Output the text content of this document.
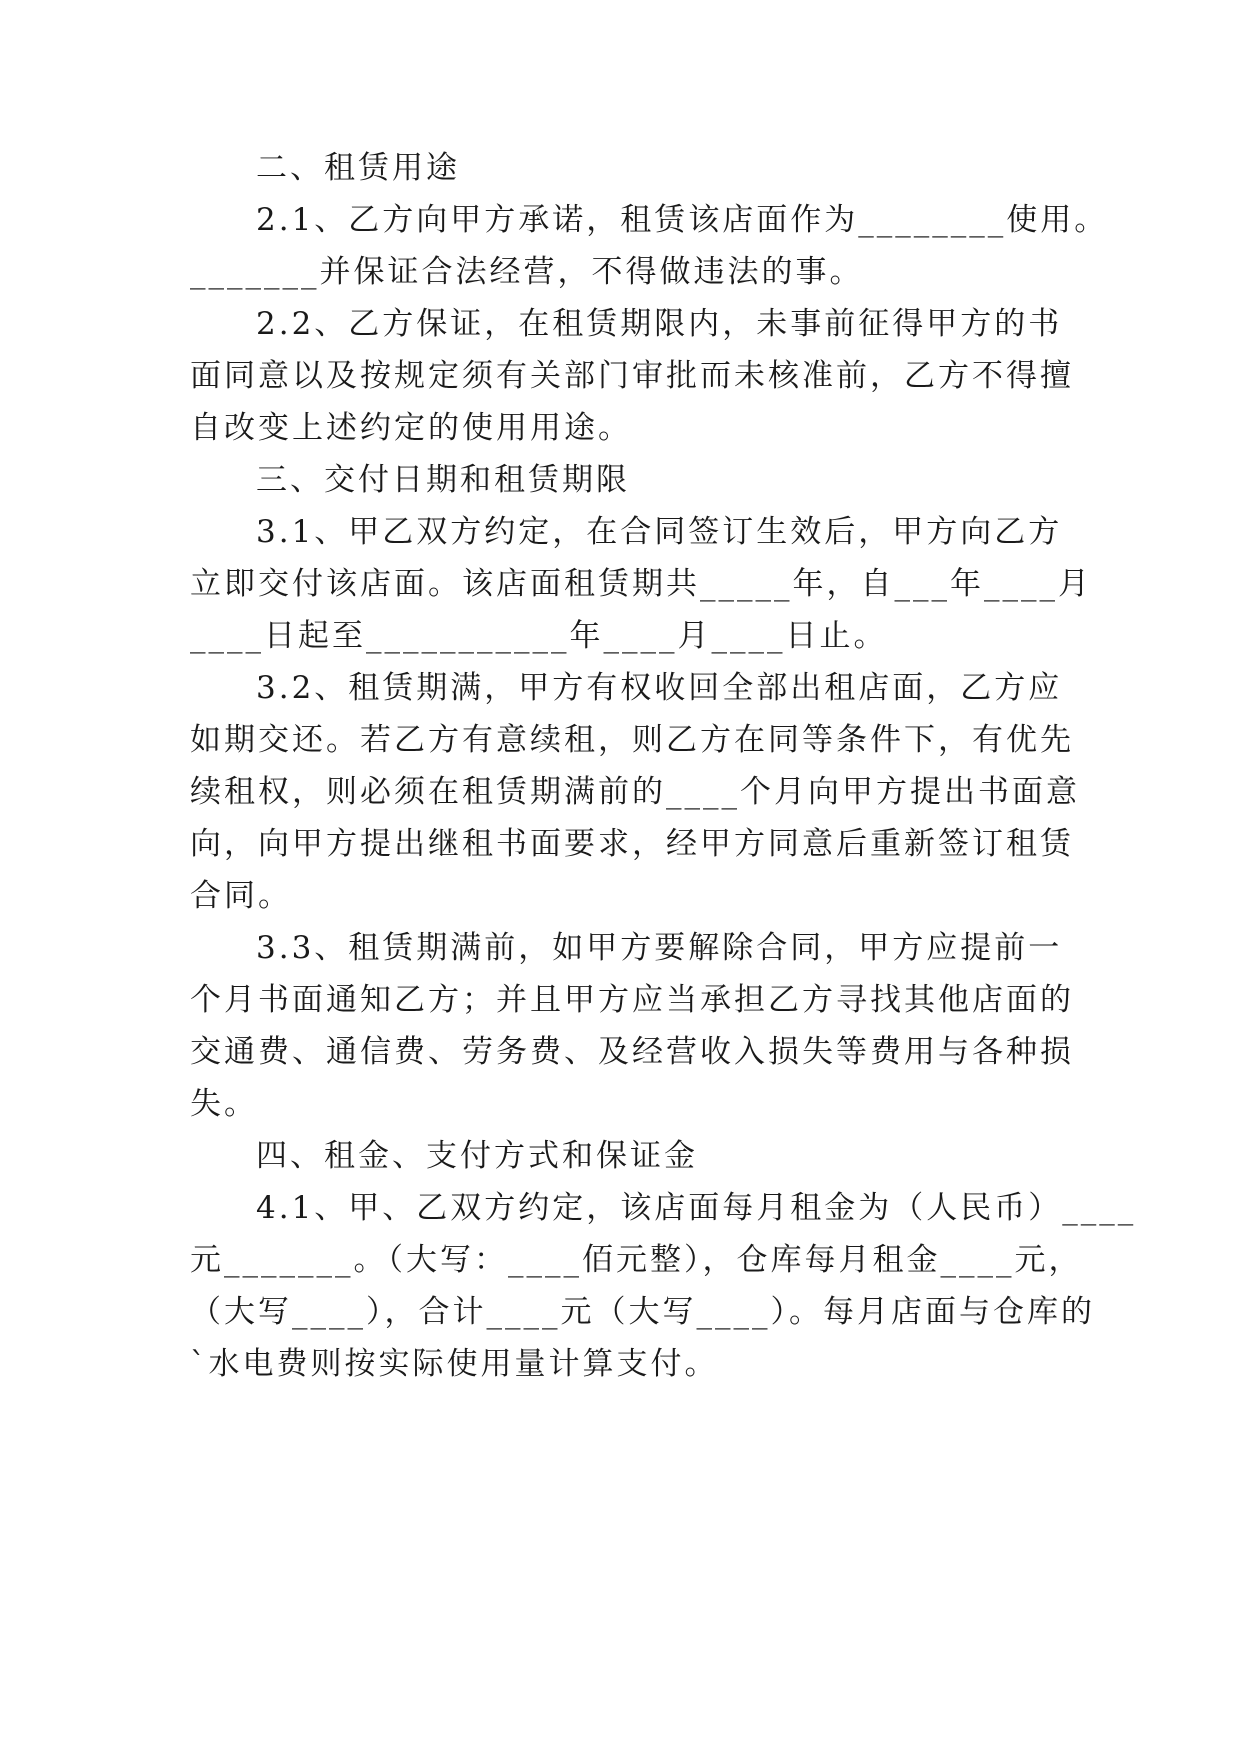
二、租赁用途
2.1、乙方向甲方承诺，租赁该店面作为________使用。
_______并保证合法经营，不得做违法的事。
2.2、乙方保证，在租赁期限内，未事前征得甲方的书
面同意以及按规定须有关部门审批而未核准前，乙方不得擅
自改变上述约定的使用用途。
三、交付日期和租赁期限
3.1、甲乙双方约定，在合同签订生效后，甲方向乙方
立即交付该店面。该店面租赁期共_____年，自___年____月
____日起至___________年____月____日止。
3.2、租赁期满，甲方有权收回全部出租店面，乙方应
如期交还。若乙方有意续租，则乙方在同等条件下，有优先
续租权，则必须在租赁期满前的____个月向甲方提出书面意
向，向甲方提出继租书面要求，经甲方同意后重新签订租赁
合同。
3.3、租赁期满前，如甲方要解除合同，甲方应提前一
个月书面通知乙方；并且甲方应当承担乙方寻找其他店面的
交通费、通信费、劳务费、及经营收入损失等费用与各种损
失。
四、租金、支付方式和保证金
4.1、甲、乙双方约定，该店面每月租金为（人民币）____
元_______。（大写：____佰元整），仓库每月租金____元，
（大写____），合计____元（大写____）。每月店面与仓库的
`水电费则按实际使用量计算支付。
